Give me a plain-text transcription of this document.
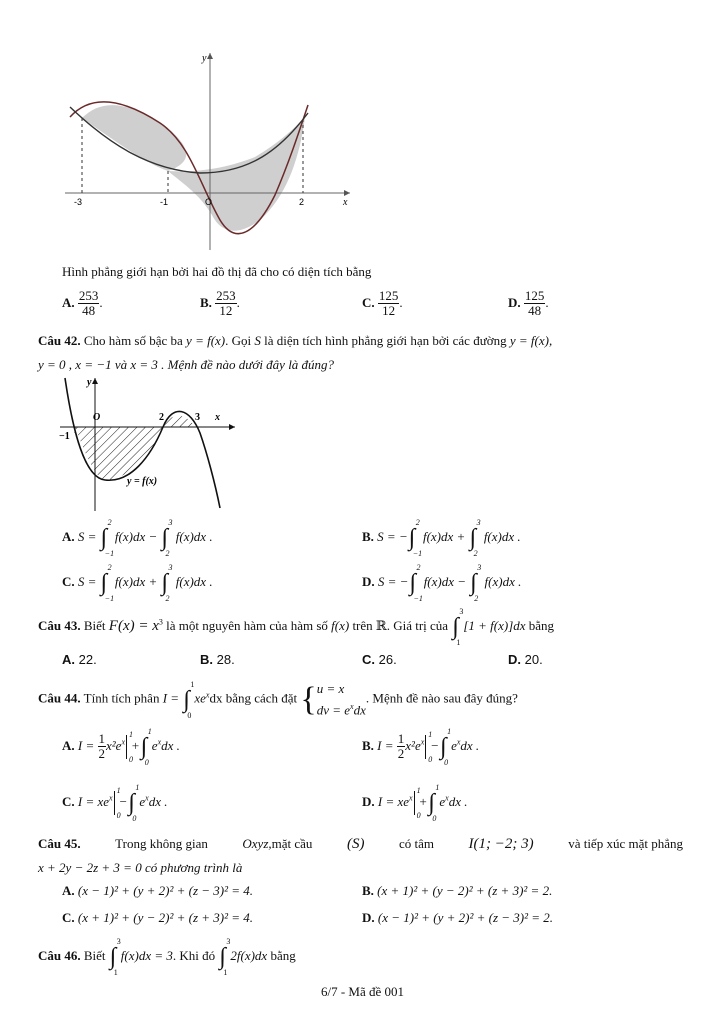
y
x
-3	-1	O	2
Hình phẳng giới hạn bởi hai đồ thị đã cho có diện tích bằng
A. $\frac{253}{48}$ .	B. $\frac{253}{12}$ .	C. $\frac{125}{12}$ .	D. $\frac{125}{48}$ .
Câu 42. Cho hàm số bậc ba y = f(x). Gọi S là diện tích hình phẳng giới hạn bởi các đường y = f(x),
y = 0 , x = −1 và x = 3 . Mệnh đề nào dưới đây là đúng?
y
O	2	3 x
−1
y = f(x)
A. S = ∫
2
−1
f(x)dx − ∫
3
2
f(x)dx .	B. S = − ∫
2
−1
f(x)dx + ∫
3
2
f(x)dx .
C. S = ∫
2
−1
f(x)dx + ∫
3
2
f(x)dx .	D. S = − ∫
2
−1
f(x)dx − ∫
3
2
f(x)dx .
Câu 43. Biết $F(x) = x^3$ là một nguyên hàm của hàm số f(x) trên ℝ. Giá trị của ∫
3
1
[1 + f(x)]dx bằng
A. 22.	B. 28.	C. 26.	D. 20.
Câu 44. Tính tích phân I = ∫
1
0
$xe^xdx$ bằng cách đặt {u = x
dv = $e^xdx$. Mệnh đề nào sau đây đúng?
A. $I = \frac{1}{2} x^2e^x$
1
0
+ ∫
1
0
$e^xdx$ .	B. $I = \frac{1}{2} x^2e^x$
1
0
− ∫
1
0
$e^xdx$ .
C. $I = xe^x$
1
0
− ∫
1
0
$e^xdx$ .	D. $I = xe^x$
1
0
+ ∫
1
0
$e^xdx$ .
Câu 45.	Trong không gian	Oxyz,mặt cầu (S)	có tâm I(1; −2; 3)	và tiếp xúc mặt phẳng
x + 2y − 2z + 3 = 0 có phương trình là
A. (x − 1)² + (y + 2)² + (z − 3)² = 4.	B. (x + 1)² + (y − 2)² + (z + 3)² = 2.
C. (x + 1)² + (y − 2)² + (z + 3)² = 4.	D. (x − 1)² + (y + 2)² + (z − 3)² = 2.
Câu 46. Biết ∫
3
1
f(x)dx = 3. Khi đó ∫
3
1
2f(x)dx bằng
6/7 - Mã đề 001
